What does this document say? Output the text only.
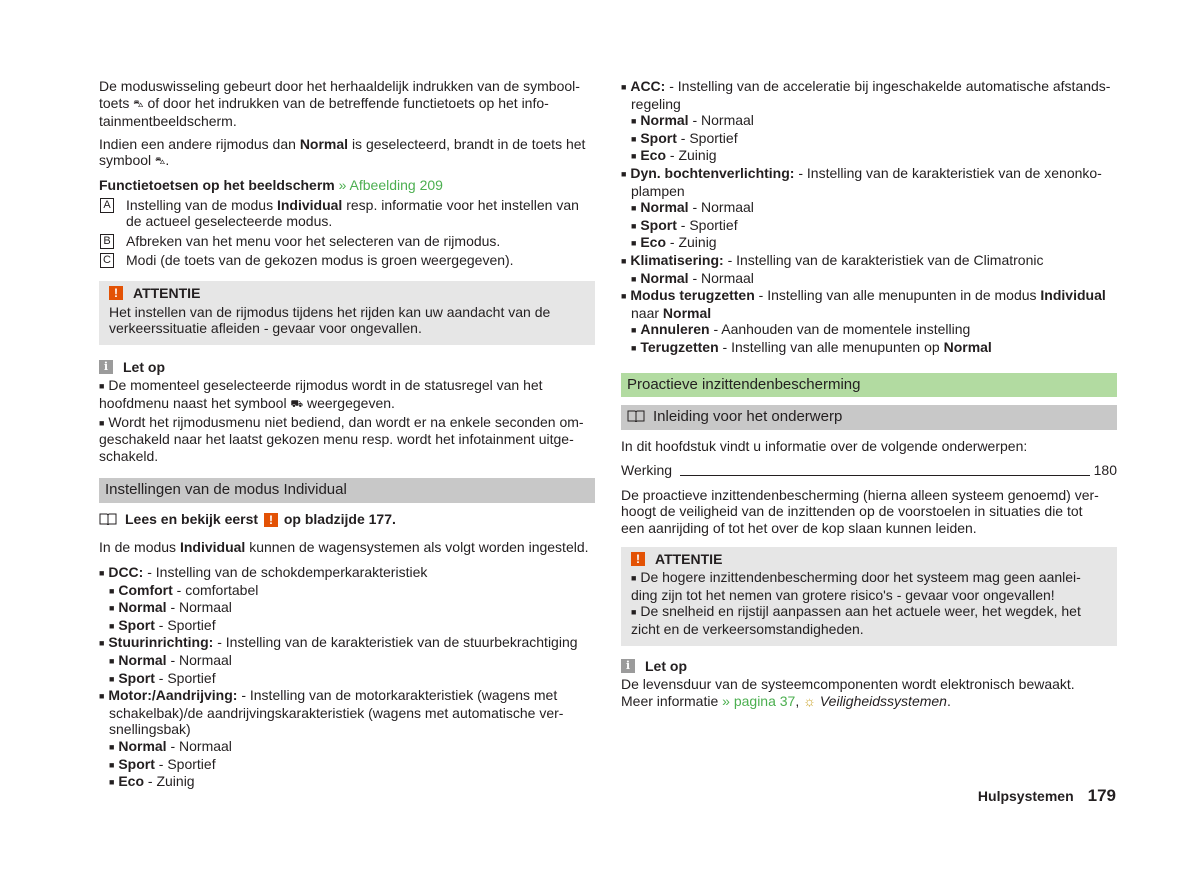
De moduswisseling gebeurt door het herhaaldelijk indrukken van de symbool-
toets ⛍ of door het indrukken van de betreffende functietoets op het info-
tainmentbeeldscherm.

Indien een andere rijmodus dan Normal is geselecteerd, brandt in de toets het
symbool ⛍.

Functietoetsen op het beeldscherm » Afbeelding 209

A Instelling van de modus Individual resp. informatie voor het instellen van
de actueel geselecteerde modus.
B Afbreken van het menu voor het selecteren van de rijmodus.
C Modi (de toets van de gekozen modus is groen weergegeven).
!	ATTENTIE

Het instellen van de rijmodus tijdens het rijden kan uw aandacht van de
verkeerssituatie afleiden - gevaar voor ongevallen.

i	Let op

■ De momenteel geselecteerde rijmodus wordt in de statusregel van het
hoofdmenu naast het symbool ⛟ weergegeven.
■ Wordt het rijmodusmenu niet bediend, dan wordt er na enkele seconden om-
geschakeld naar het laatst gekozen menu resp. wordt het infotainment uitge-
schakeld.

Instellingen van de modus Individual

Lees en bekijk eerst ! op bladzijde 177.

In de modus Individual kunnen de wagensystemen als volgt worden ingesteld.

■ DCC: - Instelling van de schokdemperkarakteristiek
■ Comfort - comfortabel
■ Normal - Normaal
■ Sport - Sportief
■ Stuurinrichting: - Instelling van de karakteristiek van de stuurbekrachtiging
■ Normal - Normaal
■ Sport - Sportief
■ Motor:/Aandrijving: - Instelling van de motorkarakteristiek (wagens met
schakelbak)/de aandrijvingskarakteristiek (wagens met automatische ver-
snellingsbak)
■ Normal - Normaal
■ Sport - Sportief
■ Eco - Zuinig
■ ACC: - Instelling van de acceleratie bij ingeschakelde automatische afstands-
regeling
■ Normal - Normaal
■ Sport - Sportief
■ Eco - Zuinig
■ Dyn. bochtenverlichting: - Instelling van de karakteristiek van de xenonko-
plampen
■ Normal - Normaal
■ Sport - Sportief
■ Eco - Zuinig
■ Klimatisering: - Instelling van de karakteristiek van de Climatronic
■ Normal - Normaal
■ Modus terugzetten - Instelling van alle menupunten in de modus Individual
naar Normal
■ Annuleren - Aanhouden van de momentele instelling
■ Terugzetten - Instelling van alle menupunten op Normal
Proactieve inzittendenbescherming
Inleiding voor het onderwerp

In dit hoofdstuk vindt u informatie over de volgende onderwerpen:

Werking	180

De proactieve inzittendenbescherming (hierna alleen systeem genoemd) ver-
hoogt de veiligheid van de inzittenden op de voorstoelen in situaties die tot
een aanrijding of tot het over de kop slaan kunnen leiden.

!	ATTENTIE

■ De hogere inzittendenbescherming door het systeem mag geen aanlei-
ding zijn tot het nemen van grotere risico's - gevaar voor ongevallen!
■ De snelheid en rijstijl aanpassen aan het actuele weer, het wegdek, het
zicht en de verkeersomstandigheden.

i	Let op

De levensduur van de systeemcomponenten wordt elektronisch bewaakt.
Meer informatie » pagina 37, ☼ Veiligheidssystemen.

Hulpsystemen 179
